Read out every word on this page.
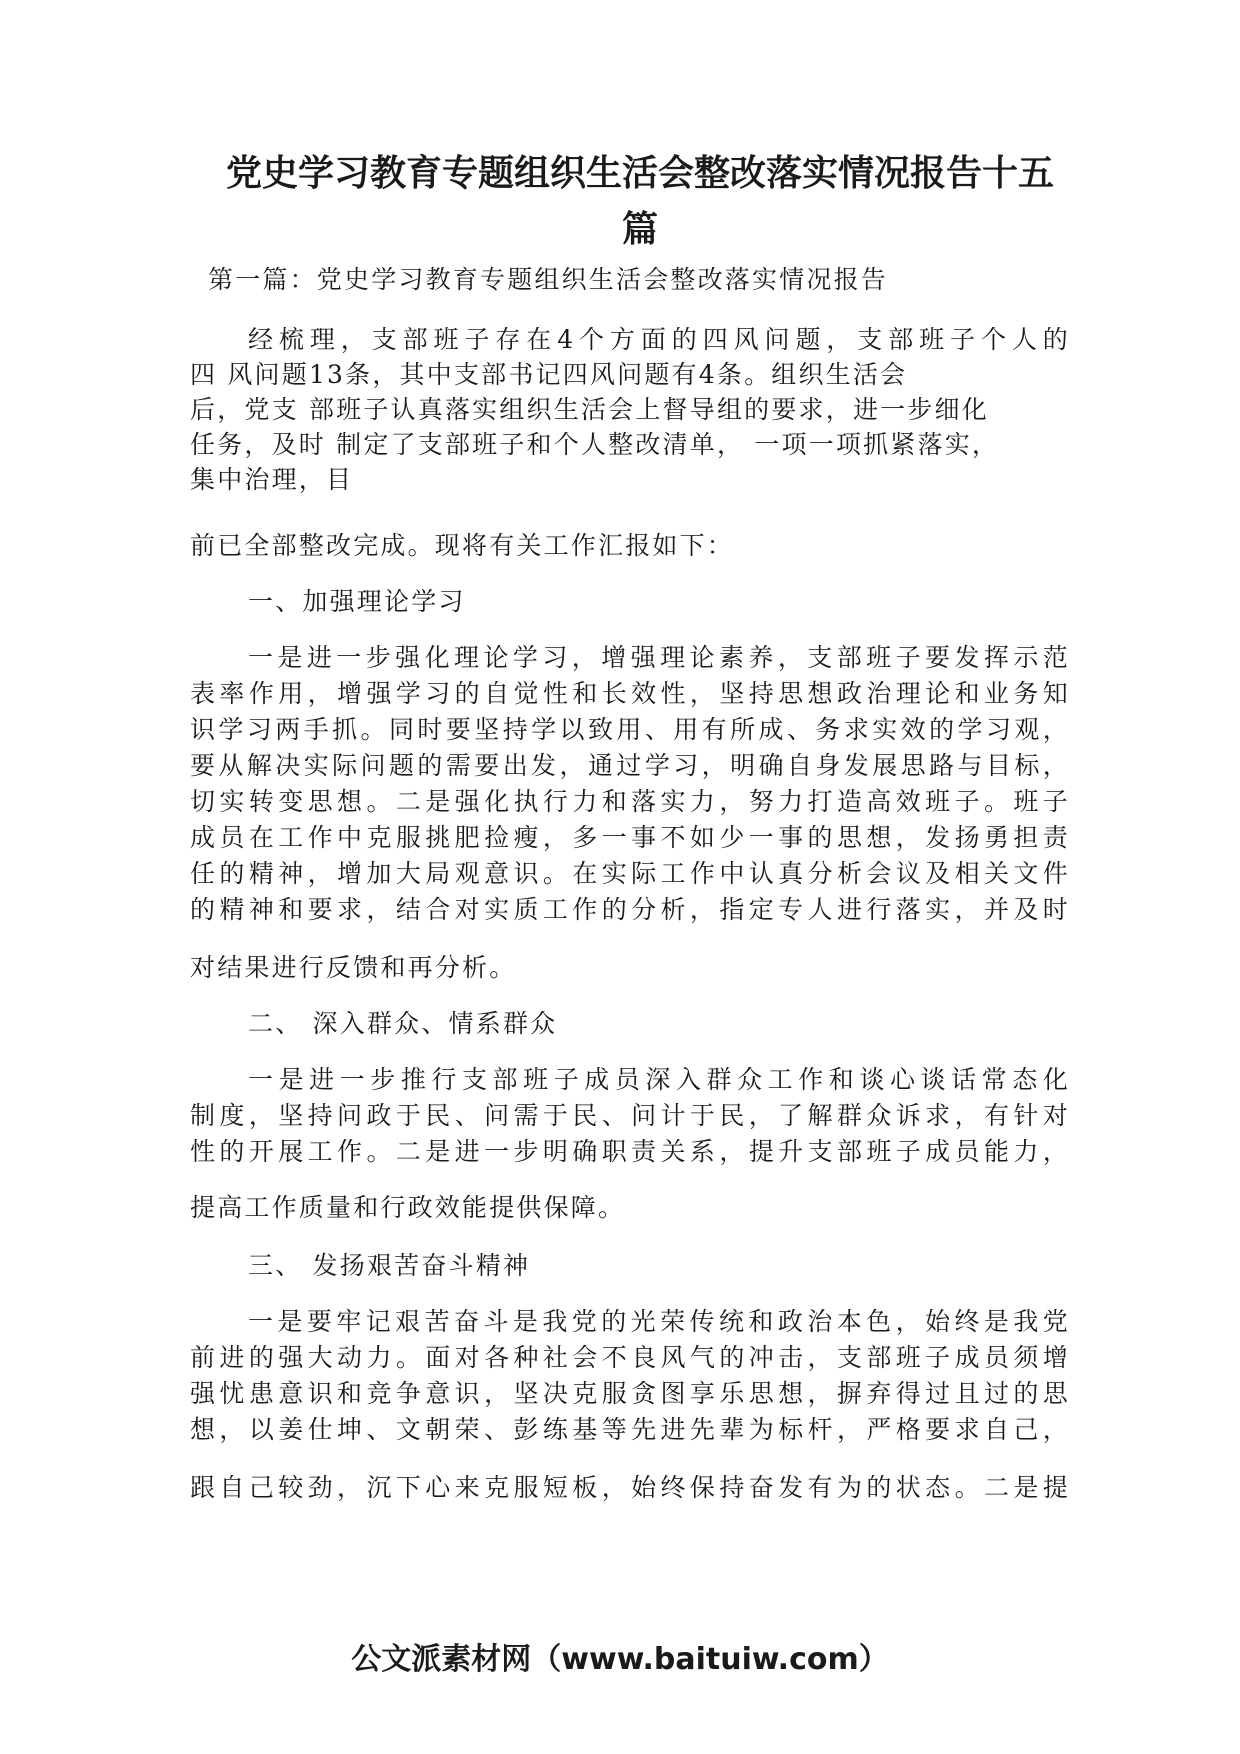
党史学习教育专题组织生活会整改落实情况报告十五
篇
第一篇：党史学习教育专题组织生活会整改落实情况报告
经梳理，支部班子存在4个方面的四风问题，支部班子个人的
四 风问题13条，其中支部书记四风问题有4条。组织生活会
后，党支 部班子认真落实组织生活会上督导组的要求，进一步细化
任务，及时 制定了支部班子和个人整改清单， 一项一项抓紧落实，
集中治理，目
前已全部整改完成。现将有关工作汇报如下：
一、加强理论学习
一是进一步强化理论学习，增强理论素养，支部班子要发挥示范
表率作用，增强学习的自觉性和长效性，坚持思想政治理论和业务知
识学习两手抓。同时要坚持学以致用、用有所成、务求实效的学习观，
要从解决实际问题的需要出发，通过学习，明确自身发展思路与目标，
切实转变思想。二是强化执行力和落实力，努力打造高效班子。班子
成员在工作中克服挑肥捡瘦，多一事不如少一事的思想，发扬勇担责
任的精神，增加大局观意识。在实际工作中认真分析会议及相关文件
的精神和要求，结合对实质工作的分析，指定专人进行落实，并及时
对结果进行反馈和再分析。
二、 深入群众、情系群众
一是进一步推行支部班子成员深入群众工作和谈心谈话常态化
制度，坚持问政于民、问需于民、问计于民，了解群众诉求，有针对
性的开展工作。二是进一步明确职责关系，提升支部班子成员能力，
提高工作质量和行政效能提供保障。
三、 发扬艰苦奋斗精神
一是要牢记艰苦奋斗是我党的光荣传统和政治本色，始终是我党
前进的强大动力。面对各种社会不良风气的冲击，支部班子成员须增
强忧患意识和竞争意识，坚决克服贪图享乐思想，摒弃得过且过的思
想，以姜仕坤、文朝荣、彭练基等先进先辈为标杆，严格要求自己，
跟自己较劲，沉下心来克服短板，始终保持奋发有为的状态。二是提
公文派素材网（www.baituiw.com）
